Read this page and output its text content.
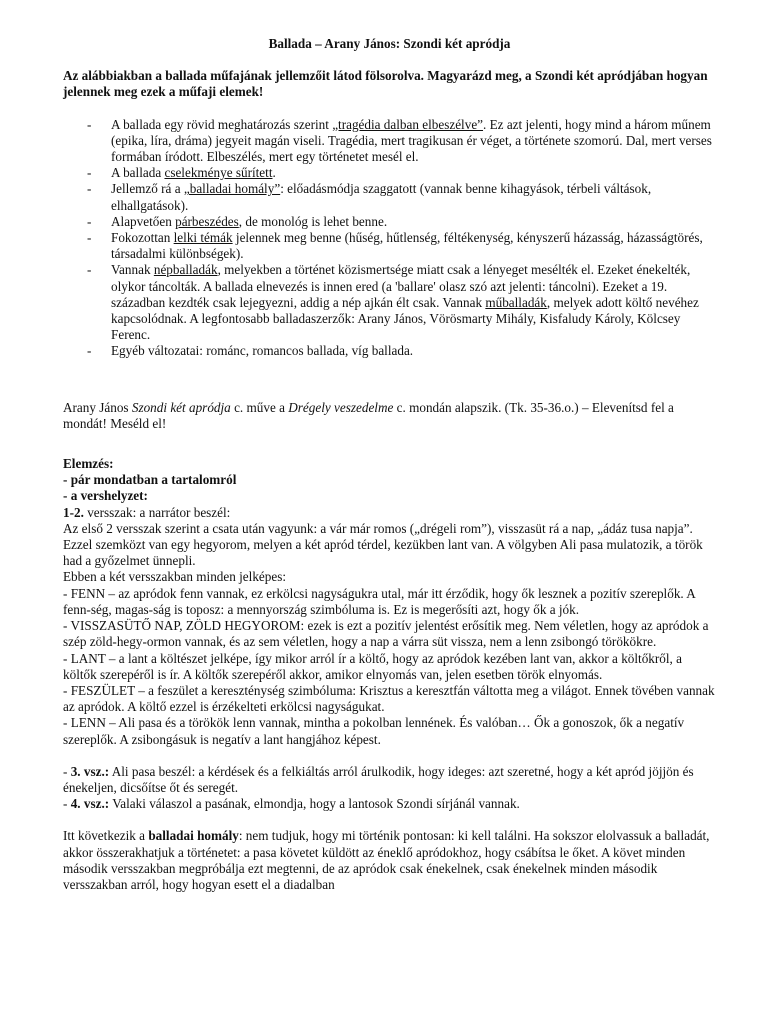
Ballada – Arany János: Szondi két apródja

Az alábbiakban a ballada műfajának jellemzőit látod fölsorolva. Magyarázd meg, a Szondi két apródjában hogyan jelennek meg ezek a műfaji elemek!

- A ballada egy rövid meghatározás szerint „tragédia dalban elbeszélve”. Ez azt jelenti, hogy mind a három műnem (epika, líra, dráma) jegyeit magán viseli. Tragédia, mert tragikusan ér véget, a története szomorú. Dal, mert verses formában íródott. Elbeszélés, mert egy történetet mesél el.
- A ballada cselekménye sűrített.
- Jellemző rá a „balladai homály”: előadásmódja szaggatott (vannak benne kihagyások, térbeli váltások, elhallgatások).
- Alapvetően párbeszédes, de monológ is lehet benne.
- Fokozottan lelki témák jelennek meg benne (hűség, hűtlenség, féltékenység, kényszerű házasság, házasságtörés, társadalmi különbségek).
- Vannak népballadák, melyekben a történet közismertsége miatt csak a lényeget mesélték el. Ezeket énekelték, olykor táncolták. A ballada elnevezés is innen ered (a 'ballare' olasz szó azt jelenti: táncolni). Ezeket a 19. században kezdték csak lejegyezni, addig a nép ajkán élt csak. Vannak műballadák, melyek adott költő nevéhez kapcsolódnak. A legfontosabb balladaszerzők: Arany János, Vörösmarty Mihály, Kisfaludy Károly, Kölcsey Ferenc.
- Egyéb változatai: románc, romancos ballada, víg ballada.

Arany János Szondi két apródja c. műve a Drégely veszedelme c. mondán alapszik. (Tk. 35-36.o.) – Elevenítsd fel a mondát! Meséld el!

Elemzés:

- pár mondatban a tartalomról

- a vershelyzet:

1-2. versszak: a narrátor beszél:

Az első 2 versszak szerint a csata után vagyunk: a vár már romos („drégeli rom”), visszasüt rá a nap, „ádáz tusa napja”. Ezzel szemközt van egy hegyorom, melyen a két apród térdel, kezükben lant van. A völgyben Ali pasa mulatozik, a török had a győzelmet ünnepli.

Ebben a két versszakban minden jelképes:

- FENN – az apródok fenn vannak, ez erkölcsi nagyságukra utal, már itt érződik, hogy ők lesznek a pozitív szereplők. A fenn-ség, magas-ság is toposz: a mennyország szimbóluma is. Ez is megerősíti azt, hogy ők a jók.

- VISSZASÜTŐ NAP, ZÖLD HEGYOROM: ezek is ezt a pozitív jelentést erősítik meg. Nem véletlen, hogy az apródok a szép zöld-hegy-ormon vannak, és az sem véletlen, hogy a nap a várra süt vissza, nem a lenn zsibongó törökökre.

- LANT – a lant a költészet jelképe, így mikor arról ír a költő, hogy az apródok kezében lant van, akkor a költőkről, a költők szerepéről is ír. A költők szerepéről akkor, amikor elnyomás van, jelen esetben török elnyomás.

- FESZÜLET – a feszület a kereszténység szimbóluma: Krisztus a keresztfán váltotta meg a világot. Ennek tövében vannak az apródok. A költő ezzel is érzékelteti erkölcsi nagyságukat.

- LENN – Ali pasa és a törökök lenn vannak, mintha a pokolban lennének. És valóban… Ők a gonoszok, ők a negatív szereplők. A zsibongásuk is negatív a lant hangjához képest.

- 3. vsz.: Ali pasa beszél: a kérdések és a felkiáltás arról árulkodik, hogy ideges: azt szeretné, hogy a két apród jöjjön és énekeljen, dicsőítse őt és seregét.

- 4. vsz.: Valaki válaszol a pasának, elmondja, hogy a lantosok Szondi sírjánál vannak.

Itt következik a balladai homály: nem tudjuk, hogy mi történik pontosan: ki kell találni. Ha sokszor elolvassuk a balladát, akkor összerakhatjuk a történetet: a pasa követet küldött az éneklő apródokhoz, hogy csábítsa le őket. A követ minden második versszakban megpróbálja ezt megtenni, de az apródok csak énekelnek, csak énekelnek minden második versszakban arról, hogy hogyan esett el a diadalban
